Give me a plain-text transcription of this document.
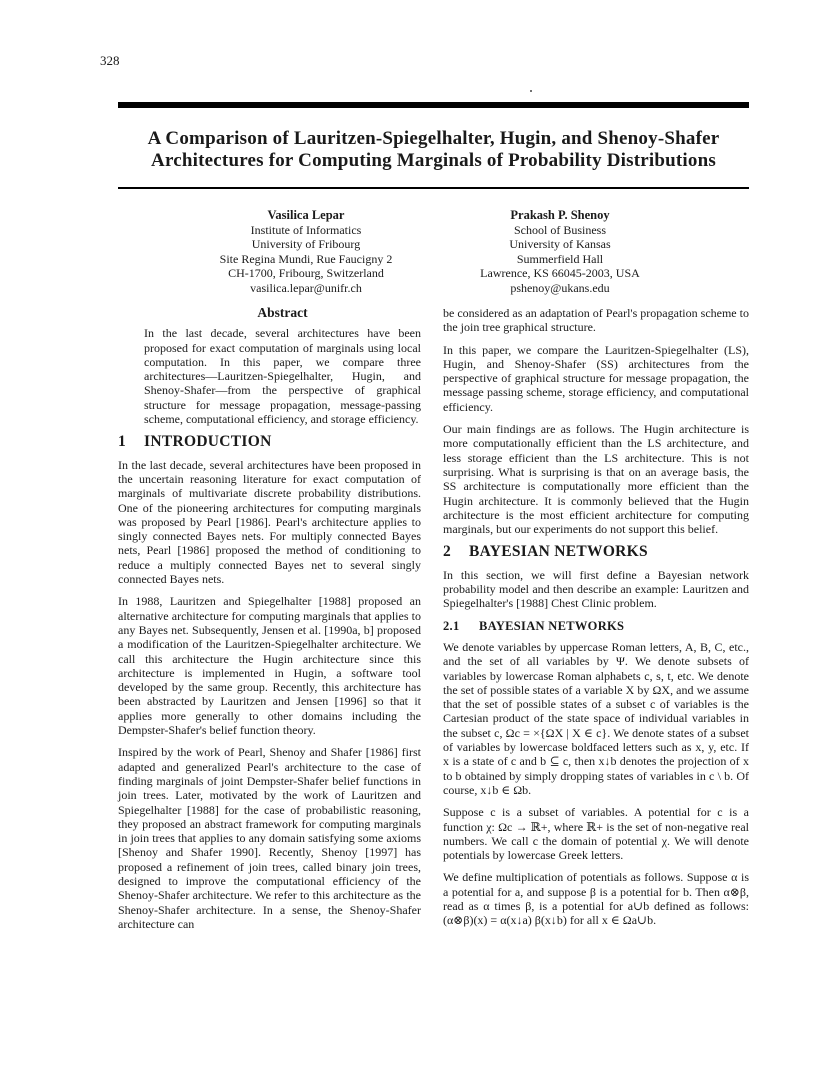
328
A Comparison of Lauritzen-Spiegelhalter, Hugin, and Shenoy-Shafer
Architectures for Computing Marginals of Probability Distributions
Vasilica Lepar
Institute of Informatics
University of Fribourg
Site Regina Mundi, Rue Faucigny 2
CH-1700, Fribourg, Switzerland
vasilica.lepar@unifr.ch
Prakash P. Shenoy
School of Business
University of Kansas
Summerfield Hall
Lawrence, KS 66045-2003, USA
pshenoy@ukans.edu
Abstract

In the last decade, several architectures have been proposed for exact computation of marginals using local computation. In this paper, we compare three architectures—Lauritzen-Spiegelhalter, Hugin, and Shenoy-Shafer—from the perspective of graphical structure for message propagation, message-passing scheme, computational efficiency, and storage efficiency.

1 INTRODUCTION

In the last decade, several architectures have been proposed in the uncertain reasoning literature for exact computation of marginals of multivariate discrete probability distributions. One of the pioneering architectures for computing marginals was proposed by Pearl [1986]. Pearl's architecture applies to singly connected Bayes nets. For multiply connected Bayes nets, Pearl [1986] proposed the method of conditioning to reduce a multiply connected Bayes net to several singly connected Bayes nets.

In 1988, Lauritzen and Spiegelhalter [1988] proposed an alternative architecture for computing marginals that applies to any Bayes net. Subsequently, Jensen et al. [1990a, b] proposed a modification of the Lauritzen-Spiegelhalter architecture. We call this architecture the Hugin architecture since this architecture is implemented in Hugin, a software tool developed by the same group. Recently, this architecture has been abstracted by Lauritzen and Jensen [1996] so that it applies more generally to other domains including the Dempster-Shafer's belief function theory.

Inspired by the work of Pearl, Shenoy and Shafer [1986] first adapted and generalized Pearl's architecture to the case of finding marginals of joint Dempster-Shafer belief functions in join trees. Later, motivated by the work of Lauritzen and Spiegelhalter [1988] for the case of probabilistic reasoning, they proposed an abstract framework for computing marginals in join trees that applies to any domain satisfying some axioms [Shenoy and Shafer 1990]. Recently, Shenoy [1997] has proposed a refinement of join trees, called binary join trees, designed to improve the computational efficiency of the Shenoy-Shafer architecture. We refer to this architecture as the Shenoy-Shafer architecture. In a sense, the Shenoy-Shafer architecture can

be considered as an adaptation of Pearl's propagation scheme to the join tree graphical structure.

In this paper, we compare the Lauritzen-Spiegelhalter (LS), Hugin, and Shenoy-Shafer (SS) architectures from the perspective of graphical structure for message propagation, the message passing scheme, storage efficiency, and computational efficiency.

Our main findings are as follows. The Hugin architecture is more computationally efficient than the LS architecture, and less storage efficient than the LS architecture. This is not surprising. What is surprising is that on an average basis, the SS architecture is computationally more efficient than the Hugin architecture. It is commonly believed that the Hugin architecture is the most efficient architecture for computing marginals, but our experiments do not support this belief.

2 BAYESIAN NETWORKS

In this section, we will first define a Bayesian network probability model and then describe an example: Lauritzen and Spiegelhalter's [1988] Chest Clinic problem.

2.1 BAYESIAN NETWORKS

We denote variables by uppercase Roman letters, A, B, C, etc., and the set of all variables by Ψ. We denote subsets of variables by lowercase Roman alphabets c, s, t, etc. We denote the set of possible states of a variable X by ΩX, and we assume that the set of possible states of a subset c of variables is the Cartesian product of the state space of individual variables in the subset c, Ωc = ×{ΩX | X ∈ c}. We denote states of a subset of variables by lowercase boldfaced letters such as x, y, etc. If x is a state of c and b ⊆ c, then x↓b denotes the projection of x to b obtained by simply dropping states of variables in c \ b. Of course, x↓b ∈ Ωb.

Suppose c is a subset of variables. A potential for c is a function χ: Ωc → ℝ+, where ℝ+ is the set of non-negative real numbers. We call c the domain of potential χ. We will denote potentials by lowercase Greek letters.

We define multiplication of potentials as follows. Suppose α is a potential for a, and suppose β is a potential for b. Then α⊗β, read as α times β, is a potential for a∪b defined as follows: (α⊗β)(x) = α(x↓a) β(x↓b) for all x ∈ Ωa∪b.
